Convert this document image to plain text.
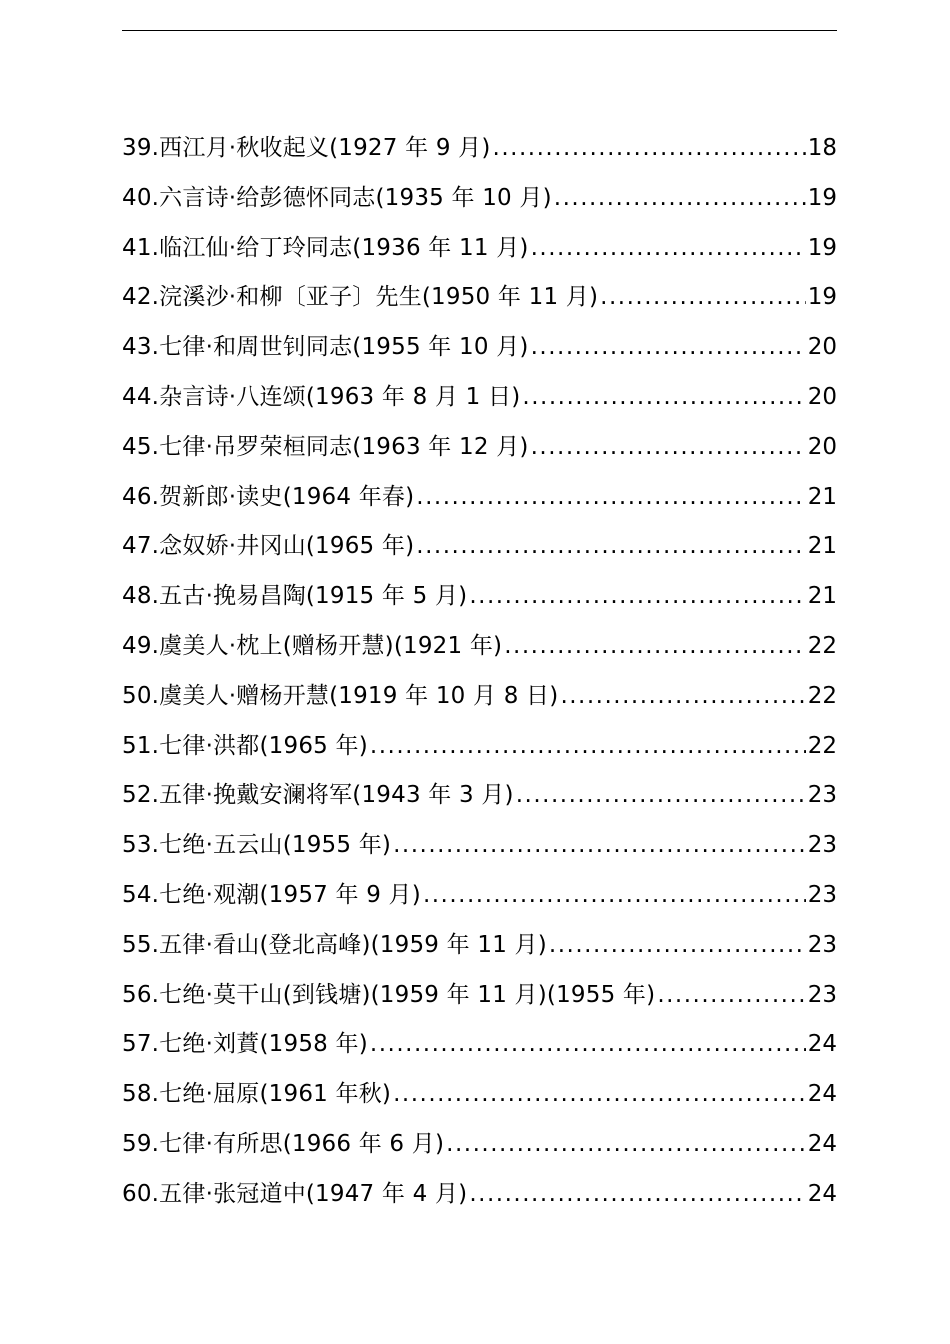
39.西江月·秋收起义(1927 年 9 月) .....	18
40.六言诗·给彭德怀同志(1935 年 10 月) .....	19
41.临江仙·给丁玲同志(1936 年 11 月) .....	19
42.浣溪沙·和柳〔亚子〕先生(1950 年 11 月) .....	19
43.七律·和周世钊同志(1955 年 10 月) .....	20
44.杂言诗·八连颂(1963 年 8 月 1 日) .....	20
45.七律·吊罗荣桓同志(1963 年 12 月) .....	20
46.贺新郎·读史(1964 年春) .....	21
47.念奴娇·井冈山(1965 年) .....	21
48.五古·挽易昌陶(1915 年 5 月) .....	21
49.虞美人·枕上(赠杨开慧)(1921 年) .....	22
50.虞美人·赠杨开慧(1919 年 10 月 8 日) .....	22
51.七律·洪都(1965 年) .....	22
52.五律·挽戴安澜将军(1943 年 3 月) .....	23
53.七绝·五云山(1955 年) .....	23
54.七绝·观潮(1957 年 9 月) .....	23
55.五律·看山(登北高峰)(1959 年 11 月) .....	23
56.七绝·莫干山(到钱塘)(1959 年 11 月)(1955 年) .....	23
57.七绝·刘蕡(1958 年) .....	24
58.七绝·屈原(1961 年秋) .....	24
59.七律·有所思(1966 年 6 月) .....	24
60.五律·张冠道中(1947 年 4 月) .....	24
